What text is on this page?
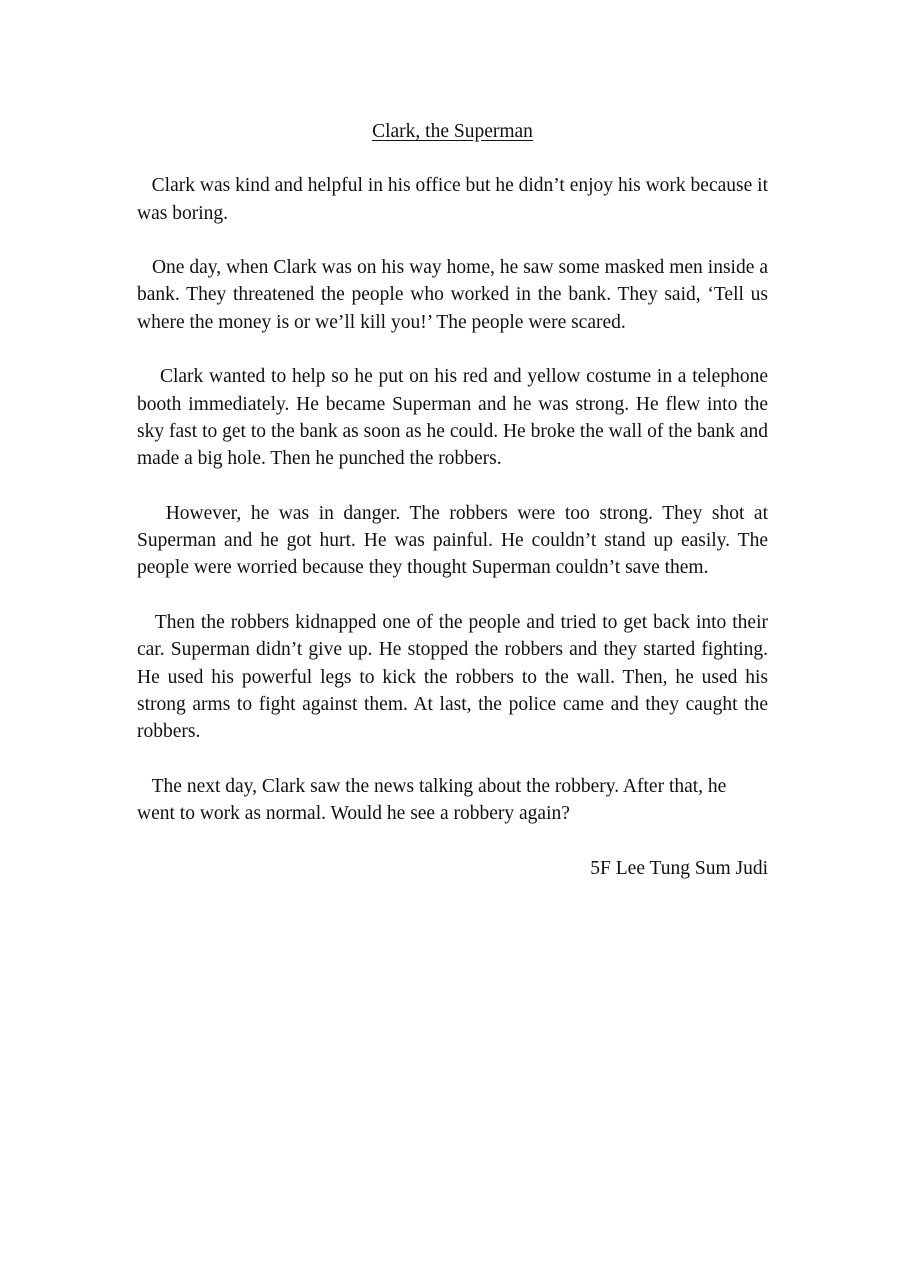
Clark, the Superman

Clark was kind and helpful in his office but he didn’t enjoy his work because it was boring.

One day, when Clark was on his way home, he saw some masked men inside a bank. They threatened the people who worked in the bank. They said, ‘Tell us where the money is or we’ll kill you!’ The people were scared.

Clark wanted to help so he put on his red and yellow costume in a telephone booth immediately. He became Superman and he was strong. He flew into the sky fast to get to the bank as soon as he could. He broke the wall of the bank and made a big hole. Then he punched the robbers.

However, he was in danger. The robbers were too strong. They shot at Superman and he got hurt. He was painful. He couldn’t stand up easily. The people were worried because they thought Superman couldn’t save them.

Then the robbers kidnapped one of the people and tried to get back into their car. Superman didn’t give up. He stopped the robbers and they started fighting. He used his powerful legs to kick the robbers to the wall. Then, he used his strong arms to fight against them. At last, the police came and they caught the robbers.

The next day, Clark saw the news talking about the robbery. After that, he went to work as normal. Would he see a robbery again?

5F Lee Tung Sum Judi
